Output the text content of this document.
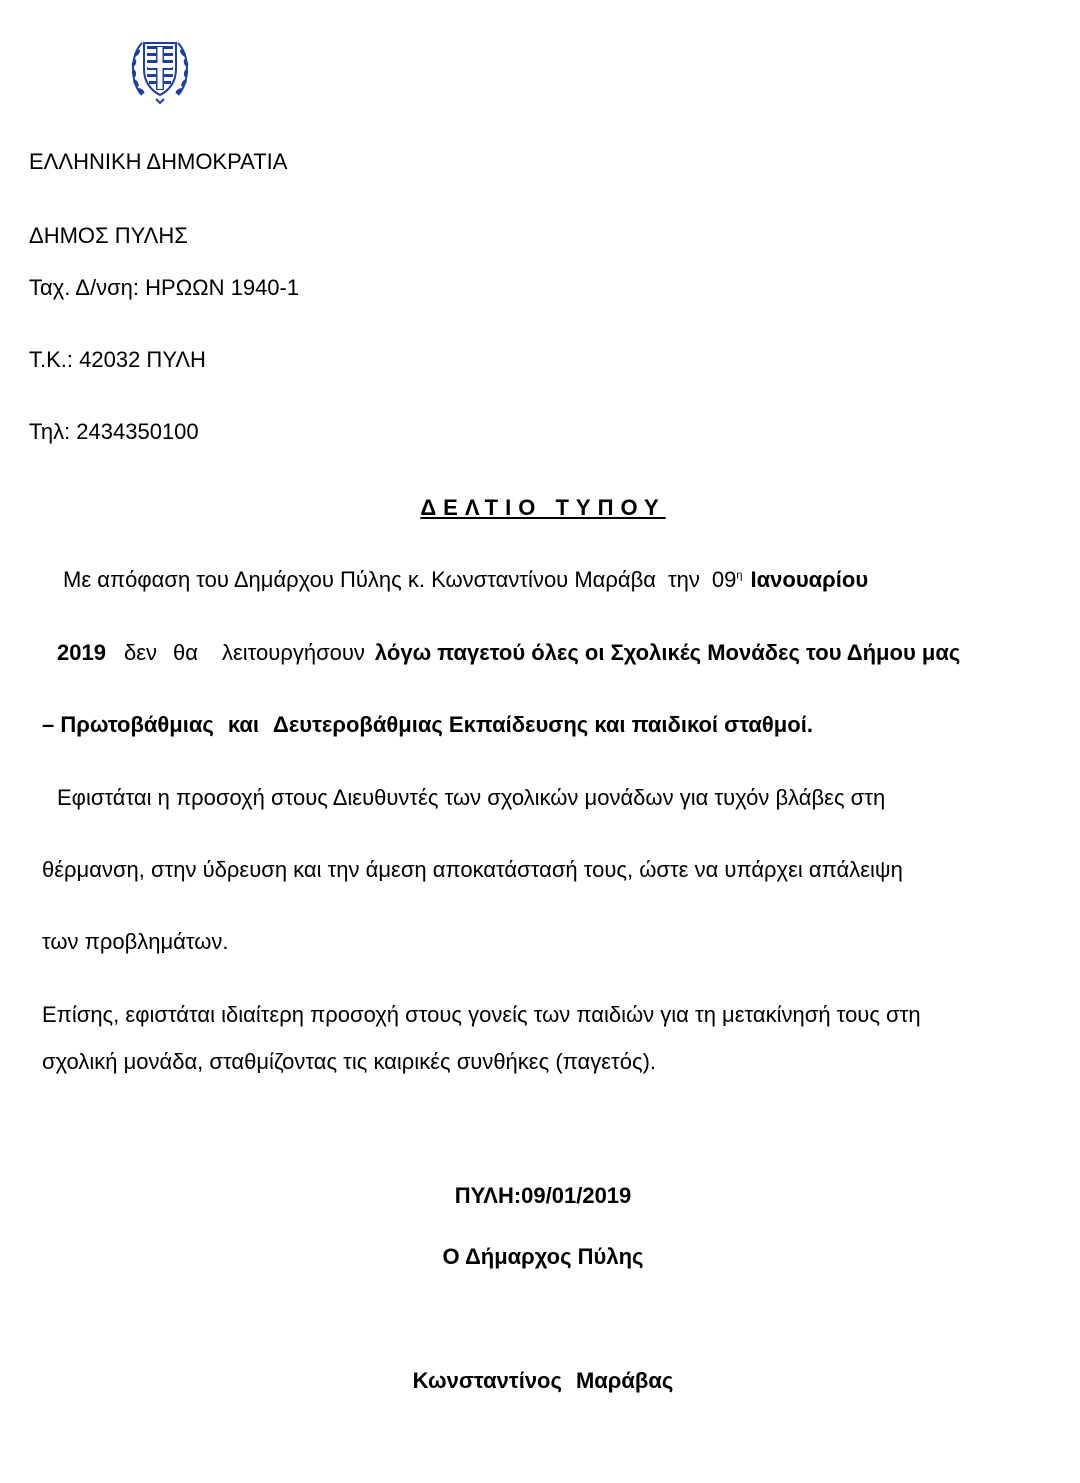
ΕΛΛΗΝΙΚΗ ΔΗΜΟΚΡΑΤΙΑ
ΔΗΜΟΣ ΠΥΛΗΣ
Ταχ. Δ/νση: ΗΡΩΩΝ 1940-1
Τ.Κ.: 42032 ΠΥΛΗ
Τηλ: 2434350100
ΔΕΛΤΙΟ ΤΥΠΟΥ
Με απόφαση του Δημάρχου Πύλης κ. Κωνσταντίνου Μαράβα την $09^\eta$ Ιανουαρίου
2019 δεν θα λειτουργήσουν λόγω παγετού όλες οι Σχολικές Μονάδες του Δήμου μας
– Πρωτοβάθμιας και Δευτεροβάθμιας Εκπαίδευσης και παιδικοί σταθμοί.
Εφιστάται η προσοχή στους Διευθυντές των σχολικών μονάδων για τυχόν βλάβες στη
θέρμανση, στην ύδρευση και την άμεση αποκατάστασή τους, ώστε να υπάρχει απάλειψη
των προβλημάτων.
Επίσης, εφιστάται ιδιαίτερη προσοχή στους γονείς των παιδιών για τη μετακίνησή τους στη
σχολική μονάδα, σταθμίζοντας τις καιρικές συνθήκες (παγετός).
ΠΥΛΗ:09/01/2019
Ο Δήμαρχος Πύλης
Κωνσταντίνος Μαράβας
